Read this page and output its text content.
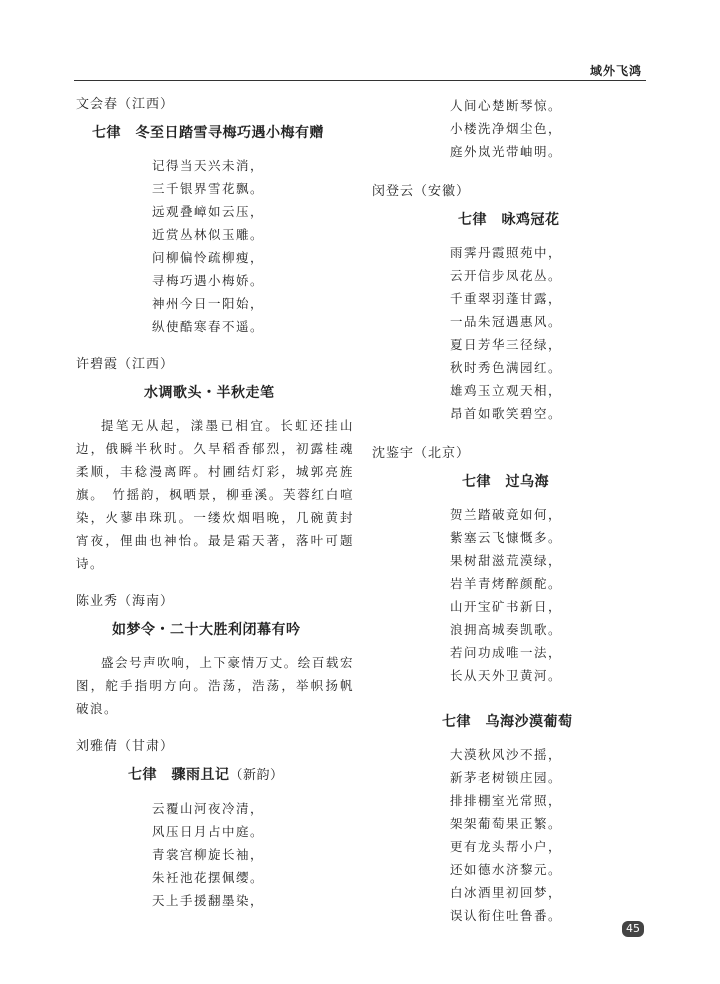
域外飞鸿

文会春（江西）

七律　冬至日踏雪寻梅巧遇小梅有赠
记得当天兴未消，
三千银界雪花飘。
远观叠嶂如云压，
近赏丛林似玉雕。
问柳偏怜疏柳瘦，
寻梅巧遇小梅娇。
神州今日一阳始，
纵使酷寒春不遥。

许碧霞（江西）

水调歌头・半秋走笔

提笔无从起，漾墨已相宜。长虹还挂山边，俄瞬半秋时。久旱稻香郁烈，初露桂魂柔顺，丰稔漫离晖。村圃结灯彩，城郭亮旌旗。　竹摇韵，枫晒景，柳垂溪。芙蓉红白喧染，火蓼串珠玑。一缕炊烟唱晚，几碗黄封宵夜，俚曲也神怡。最是霜天著，落叶可题诗。

陈业秀（海南）

如梦令・二十大胜利闭幕有吟

盛会号声吹响，上下豪情万丈。绘百载宏图，舵手指明方向。浩荡，浩荡，举帜扬帆破浪。

刘雅倩（甘肃）

七律　骤雨且记（新韵）
云覆山河夜冷清，
风压日月占中庭。
青裳宫柳旋长袖，
朱衽池花摆佩缨。
天上手援翻墨染，
人间心楚断琴惊。
小楼洗净烟尘色，
庭外岚光带岫明。

闵登云（安徽）

七律　咏鸡冠花
雨霁丹霞照苑中，
云开信步凤花丛。
千重翠羽蓬甘露，
一品朱冠遇惠风。
夏日芳华三径绿，
秋时秀色满园红。
雄鸡玉立观天相，
昂首如歌笑碧空。

沈鉴宇（北京）

七律　过乌海
贺兰踏破竟如何，
紫塞云飞慷慨多。
果树甜滋荒漠绿，
岩羊青烤醉颜酡。
山开宝矿书新日，
浪拥高城奏凯歌。
若问功成唯一法，
长从天外卫黄河。
七律　乌海沙漠葡萄
大漠秋风沙不摇，
新茅老树锁庄园。
排排棚室光常照，
架架葡萄果正繁。
更有龙头帮小户，
还如德水济黎元。
白冰酒里初回梦，
误认衔住吐鲁番。
45
